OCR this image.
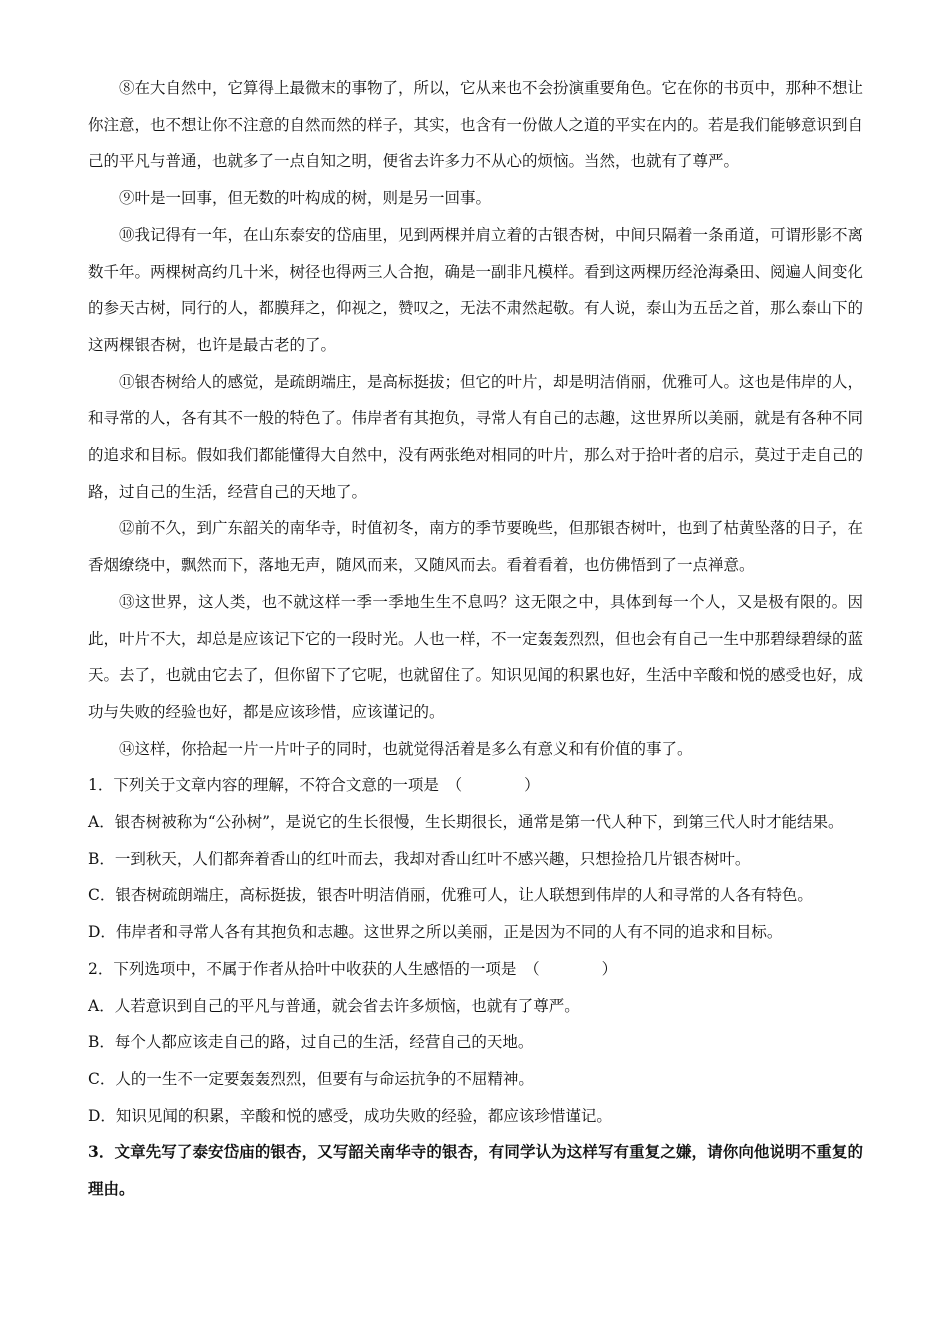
⑧在大自然中，它算得上最微末的事物了，所以，它从来也不会扮演重要角色。它在你的书页中，那种不想让你注意，也不想让你不注意的自然而然的样子，其实，也含有一份做人之道的平实在内的。若是我们能够意识到自己的平凡与普通，也就多了一点自知之明，便省去许多力不从心的烦恼。当然，也就有了尊严。

⑨叶是一回事，但无数的叶构成的树，则是另一回事。

⑩我记得有一年，在山东泰安的岱庙里，见到两棵并肩立着的古银杏树，中间只隔着一条甬道，可谓形影不离数千年。两棵树高约几十米，树径也得两三人合抱，确是一副非凡模样。看到这两棵历经沧海桑田、阅遍人间变化的参天古树，同行的人，都膜拜之，仰视之，赞叹之，无法不肃然起敬。有人说，泰山为五岳之首，那么泰山下的这两棵银杏树，也许是最古老的了。

⑪银杏树给人的感觉，是疏朗端庄，是高标挺拔；但它的叶片，却是明洁俏丽，优雅可人。这也是伟岸的人，和寻常的人，各有其不一般的特色了。伟岸者有其抱负，寻常人有自己的志趣，这世界所以美丽，就是有各种不同的追求和目标。假如我们都能懂得大自然中，没有两张绝对相同的叶片，那么对于拾叶者的启示，莫过于走自己的路，过自己的生活，经营自己的天地了。

⑫前不久，到广东韶关的南华寺，时值初冬，南方的季节要晚些，但那银杏树叶，也到了枯黄坠落的日子，在香烟缭绕中，飘然而下，落地无声，随风而来，又随风而去。看着看着，也仿佛悟到了一点禅意。

⑬这世界，这人类，也不就这样一季一季地生生不息吗？这无限之中，具体到每一个人，又是极有限的。因此，叶片不大，却总是应该记下它的一段时光。人也一样，不一定轰轰烈烈，但也会有自己一生中那碧绿碧绿的蓝天。去了，也就由它去了，但你留下了它呢，也就留住了。知识见闻的积累也好，生活中辛酸和悦的感受也好，成功与失败的经验也好，都是应该珍惜，应该谨记的。

⑭这样，你拾起一片一片叶子的同时，也就觉得活着是多么有意义和有价值的事了。

1．下列关于文章内容的理解，不符合文意的一项是　（　　　　）

A．银杏树被称为“公孙树”，是说它的生长很慢，生长期很长，通常是第一代人种下，到第三代人时才能结果。

B．一到秋天，人们都奔着香山的红叶而去，我却对香山红叶不感兴趣，只想捡拾几片银杏树叶。

C．银杏树疏朗端庄，高标挺拔，银杏叶明洁俏丽，优雅可人，让人联想到伟岸的人和寻常的人各有特色。

D．伟岸者和寻常人各有其抱负和志趣。这世界之所以美丽，正是因为不同的人有不同的追求和目标。

2．下列选项中，不属于作者从拾叶中收获的人生感悟的一项是　（　　　　）

A．人若意识到自己的平凡与普通，就会省去许多烦恼，也就有了尊严。

B．每个人都应该走自己的路，过自己的生活，经营自己的天地。

C．人的一生不一定要轰轰烈烈，但要有与命运抗争的不屈精神。

D．知识见闻的积累，辛酸和悦的感受，成功失败的经验，都应该珍惜谨记。

3．文章先写了泰安岱庙的银杏，又写韶关南华寺的银杏，有同学认为这样写有重复之嫌，请你向他说明不重复的理由。
